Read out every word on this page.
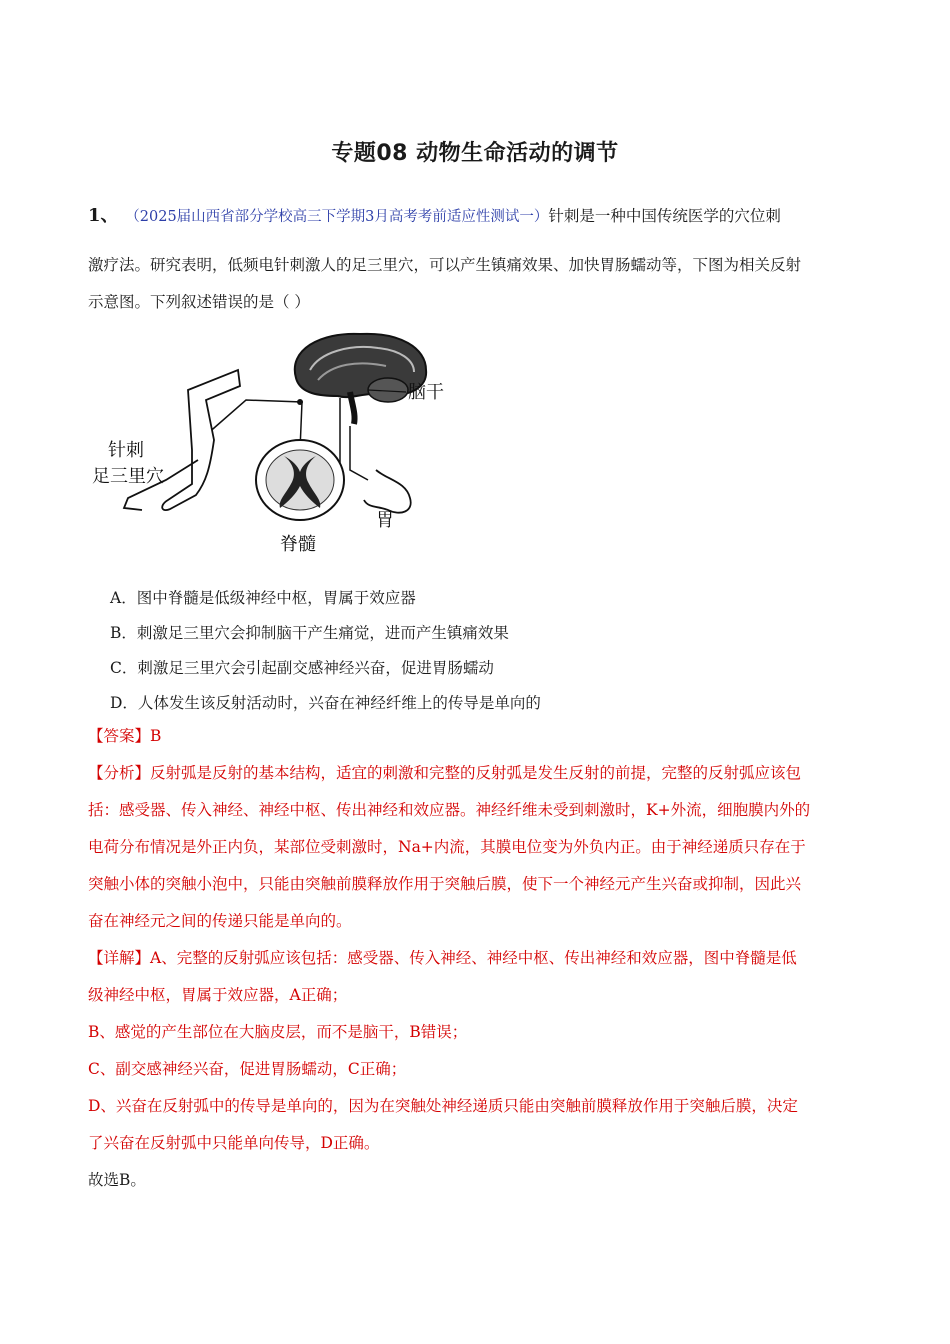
专题08 动物生命活动的调节
1、 （2025届山西省部分学校高三下学期3月高考考前适应性测试一）针刺是一种中国传统医学的穴位刺
激疗法。研究表明，低频电针刺激人的足三里穴，可以产生镇痛效果、加快胃肠蠕动等，下图为相关反射
示意图。下列叙述错误的是（ ）
脑干
针刺
足三里穴
胃
脊髓
A．图中脊髓是低级神经中枢，胃属于效应器
B．刺激足三里穴会抑制脑干产生痛觉，进而产生镇痛效果
C．刺激足三里穴会引起副交感神经兴奋，促进胃肠蠕动
D．人体发生该反射活动时，兴奋在神经纤维上的传导是单向的
【答案】B
【分析】反射弧是反射的基本结构，适宜的刺激和完整的反射弧是发生反射的前提，完整的反射弧应该包
括：感受器、传入神经、神经中枢、传出神经和效应器。神经纤维未受到刺激时，K+外流，细胞膜内外的
电荷分布情况是外正内负，某部位受刺激时，Na+内流，其膜电位变为外负内正。由于神经递质只存在于
突触小体的突触小泡中，只能由突触前膜释放作用于突触后膜，使下一个神经元产生兴奋或抑制，因此兴
奋在神经元之间的传递只能是单向的。
【详解】A、完整的反射弧应该包括：感受器、传入神经、神经中枢、传出神经和效应器，图中脊髓是低
级神经中枢，胃属于效应器，A正确；
B、感觉的产生部位在大脑皮层，而不是脑干，B错误；
C、副交感神经兴奋，促进胃肠蠕动，C正确；
D、兴奋在反射弧中的传导是单向的，因为在突触处神经递质只能由突触前膜释放作用于突触后膜，决定
了兴奋在反射弧中只能单向传导，D正确。
故选B。
